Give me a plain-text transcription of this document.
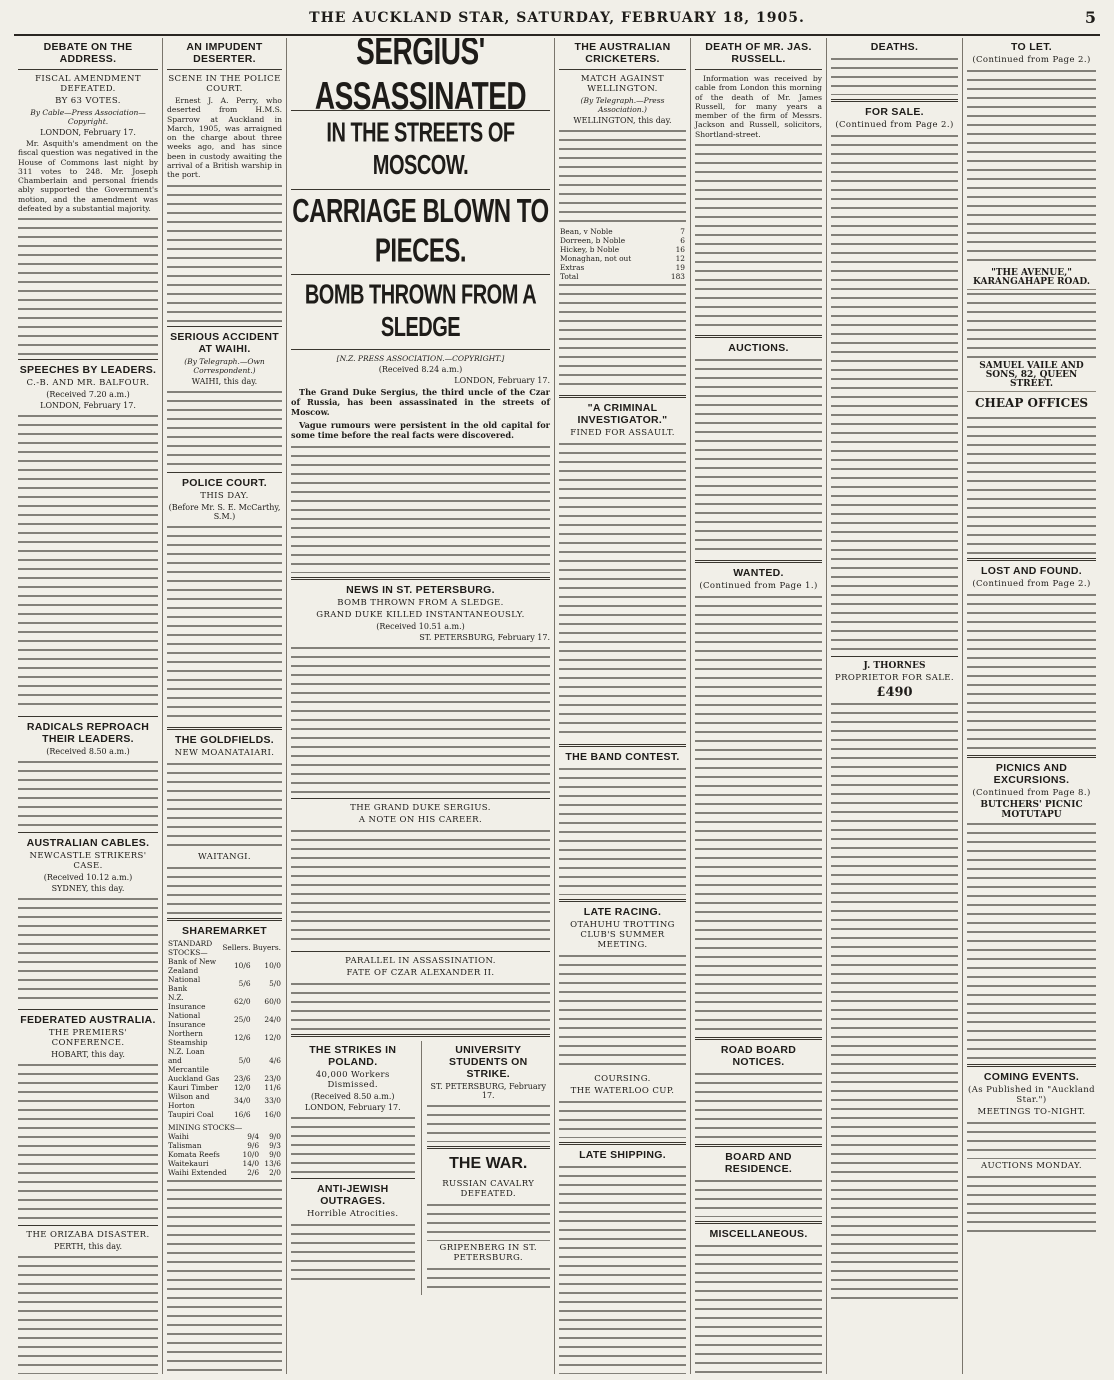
THE AUCKLAND STAR, SATURDAY, FEBRUARY 18, 1905.	5
DEBATE ON THE ADDRESS.
FISCAL AMENDMENT DEFEATED.
BY 63 VOTES.
By Cable—Press Association—Copyright.
LONDON, February 17.

Mr. Asquith's amendment on the fiscal question was negatived in the House of Commons last night by 311 votes to 248. Mr. Joseph Chamberlain and personal friends ably supported the Government's motion, and the amendment was defeated by a substantial majority.

SPEECHES BY LEADERS.
C.-B. AND MR. BALFOUR.
(Received 7.20 a.m.)
LONDON, February 17.
RADICALS REPROACH THEIR LEADERS.
(Received 8.50 a.m.)
AUSTRALIAN CABLES.
NEWCASTLE STRIKERS' CASE.
(Received 10.12 a.m.)
SYDNEY, this day.
FEDERATED AUSTRALIA.
THE PREMIERS' CONFERENCE.
HOBART, this day.
THE ORIZABA DISASTER.
PERTH, this day.
AN IMPUDENT DESERTER.
SCENE IN THE POLICE COURT.

Ernest J. A. Perry, who deserted from H.M.S. Sparrow at Auckland in March, 1905, was arraigned on the charge about three weeks ago, and has since been in custody awaiting the arrival of a British warship in the port.

SERIOUS ACCIDENT AT WAIHI.
(By Telegraph.—Own Correspondent.)
WAIHI, this day.
POLICE COURT.
THIS DAY.
(Before Mr. S. E. McCarthy, S.M.)
THE GOLDFIELDS.
NEW MOANATAIARI.
WAITANGI.
SHAREMARKET
STANDARD STOCKS—	Sellers.	Buyers.
Bank of New Zealand	10/6	10/0
National Bank	5/6	5/0
N.Z. Insurance	62/0	60/0
National Insurance	25/0	24/0
Northern Steamship	12/6	12/0
N.Z. Loan and Mercantile	5/0	4/6
Auckland Gas	23/6	23/0
Kauri Timber	12/0	11/6
Wilson and Horton	34/0	33/0
Taupiri Coal	16/6	16/0
MINING STOCKS—		
Waihi	9/4	9/0
Talisman	9/6	9/3
Komata Reefs	10/0	9/0
Waitekauri	14/0	13/6
Waihi Extended	2/6	2/0
SERGIUS' ASSASSINATED
IN THE STREETS OF MOSCOW.
CARRIAGE BLOWN TO PIECES.
BOMB THROWN FROM A SLEDGE
[N.Z. PRESS ASSOCIATION.—COPYRIGHT.]
(Received 8.24 a.m.)
LONDON, February 17.
The Grand Duke Sergius, the third uncle of the Czar of Russia, has been assassinated in the streets of Moscow.
Vague rumours were persistent in the old capital for some time before the real facts were discovered.
NEWS IN ST. PETERSBURG.
BOMB THROWN FROM A SLEDGE.
GRAND DUKE KILLED INSTANTANEOUSLY.
(Received 10.51 a.m.)
ST. PETERSBURG, February 17.
THE GRAND DUKE SERGIUS.
A NOTE ON HIS CAREER.
PARALLEL IN ASSASSINATION.
FATE OF CZAR ALEXANDER II.
THE STRIKES IN POLAND.
40,000 Workers Dismissed.
(Received 8.50 a.m.)
LONDON, February 17.
ANTI-JEWISH OUTRAGES.
Horrible Atrocities.
UNIVERSITY STUDENTS ON STRIKE.
ST. PETERSBURG, February 17.
THE WAR.
RUSSIAN CAVALRY DEFEATED.
GRIPENBERG IN ST. PETERSBURG.
THE AUSTRALIAN CRICKETERS.
MATCH AGAINST WELLINGTON.
(By Telegraph.—Press Association.)
WELLINGTON, this day.
Bean, v Noble	7
Dorreen, b Noble	6
Hickey, b Noble	16
Monaghan, not out	12
Extras	19
Total	183
"A CRIMINAL INVESTIGATOR."
FINED FOR ASSAULT.
THE BAND CONTEST.
LATE RACING.
OTAHUHU TROTTING CLUB'S SUMMER MEETING.
COURSING.
THE WATERLOO CUP.
LATE SHIPPING.
DEATH OF MR. JAS. RUSSELL.

Information was received by cable from London this morning of the death of Mr. James Russell, for many years a member of the firm of Messrs. Jackson and Russell, solicitors, Shortland-street.

AUCTIONS.
WANTED.
(Continued from Page 1.)
ROAD BOARD NOTICES.
BOARD AND RESIDENCE.
MISCELLANEOUS.
DEATHS.
FOR SALE.
(Continued from Page 2.)
J. THORNES
PROPRIETOR FOR SALE.
£490
TO LET.
(Continued from Page 2.)
"THE AVENUE," KARANGAHAPE ROAD.
SAMUEL VAILE AND SONS, 82, QUEEN STREET.
CHEAP OFFICES
LOST AND FOUND.
(Continued from Page 2.)
PICNICS AND EXCURSIONS.
(Continued from Page 8.)
BUTCHERS' PICNIC
MOTUTAPU
COMING EVENTS.
(As Published in "Auckland Star.")
MEETINGS TO-NIGHT.
AUCTIONS MONDAY.
